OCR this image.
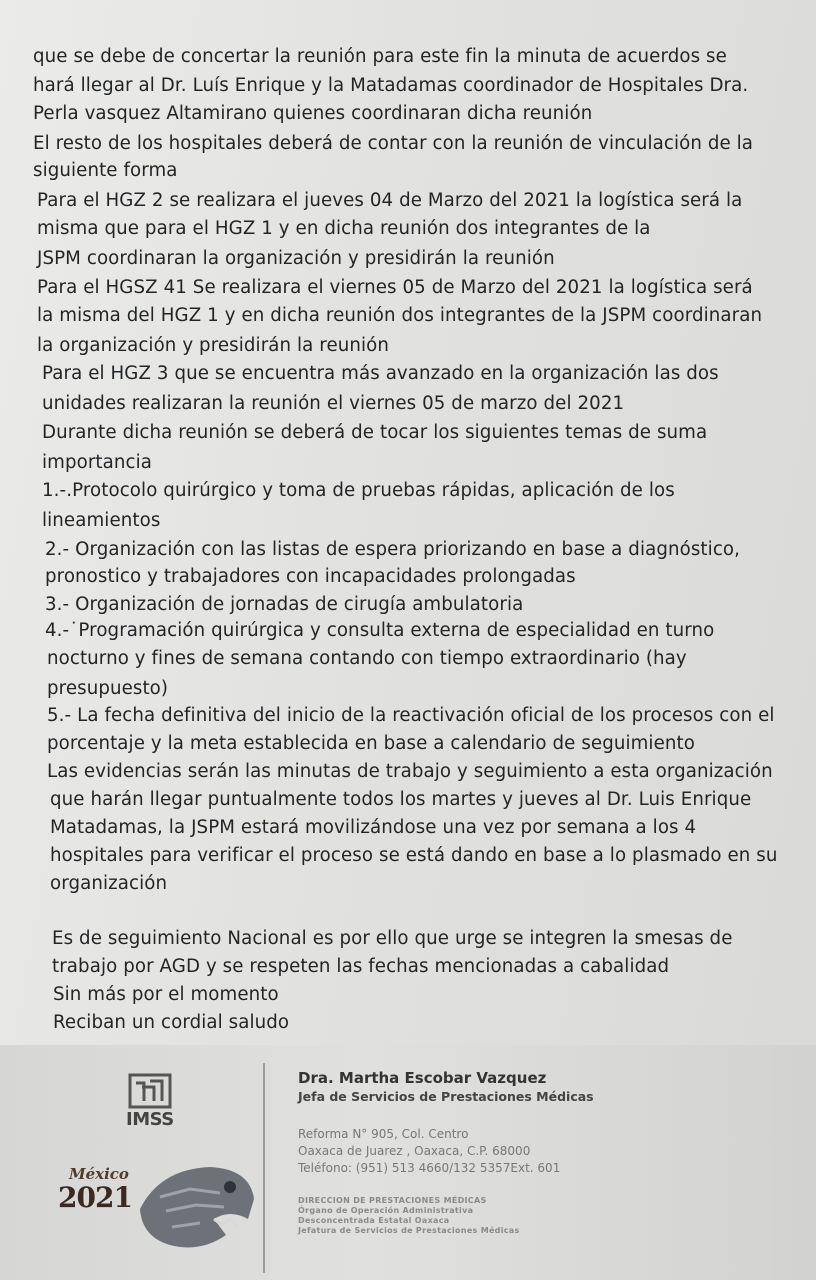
que se debe de concertar la reunión para este fin la minuta de acuerdos se
hará llegar al Dr. Luís Enrique y la Matadamas coordinador de Hospitales Dra.
Perla vasquez Altamirano quienes coordinaran dicha reunión
El resto de los hospitales deberá de contar con la reunión de vinculación de la
siguiente forma
Para el HGZ 2 se realizara el jueves 04 de Marzo del 2021 la logística será la
misma que para el HGZ 1 y en dicha reunión dos integrantes de la
JSPM coordinaran la organización y presidirán la reunión
Para el HGSZ 41 Se realizara el viernes 05 de Marzo del 2021 la logística será
la misma del HGZ 1 y en dicha reunión dos integrantes de la JSPM coordinaran
la organización y presidirán la reunión
Para el HGZ 3 que se encuentra más avanzado en la organización las dos
unidades realizaran la reunión el viernes 05 de marzo del 2021
Durante dicha reunión se deberá de tocar los siguientes temas de suma
importancia
1.-.Protocolo quirúrgico y toma de pruebas rápidas, aplicación de los
lineamientos
2.- Organización con las listas de espera priorizando en base a diagnóstico,
pronostico y trabajadores con incapacidades prolongadas
3.- Organización de jornadas de cirugía ambulatoria
4.-˙Programación quirúrgica y consulta externa de especialidad en turno
nocturno y fines de semana contando con tiempo extraordinario (hay
presupuesto)
5.- La fecha definitiva del inicio de la reactivación oficial de los procesos con el
porcentaje y la meta establecida en base a calendario de seguimiento
Las evidencias serán las minutas de trabajo y seguimiento a esta organización
que harán llegar puntualmente todos los martes y jueves al Dr. Luis Enrique
Matadamas, la JSPM estará movilizándose una vez por semana a los 4
hospitales para verificar el proceso se está dando en base a lo plasmado en su
organización
Es de seguimiento Nacional es por ello que urge se integren la smesas de
trabajo por AGD y se respeten las fechas mencionadas a cabalidad
Sin más por el momento
Reciban un cordial saludo
IMSS
México
2021
Dra. Martha Escobar Vazquez
Jefa de Servicios de Prestaciones Médicas
Reforma N° 905, Col. Centro
Oaxaca de Juarez , Oaxaca, C.P. 68000
Teléfono: (951) 513 4660/132 5357Ext. 601
DIRECCION DE PRESTACIONES MÉDICAS
Órgano de Operación Administrativa
Desconcentrada Estatal Oaxaca
Jefatura de Servicios de Prestaciones Médicas
